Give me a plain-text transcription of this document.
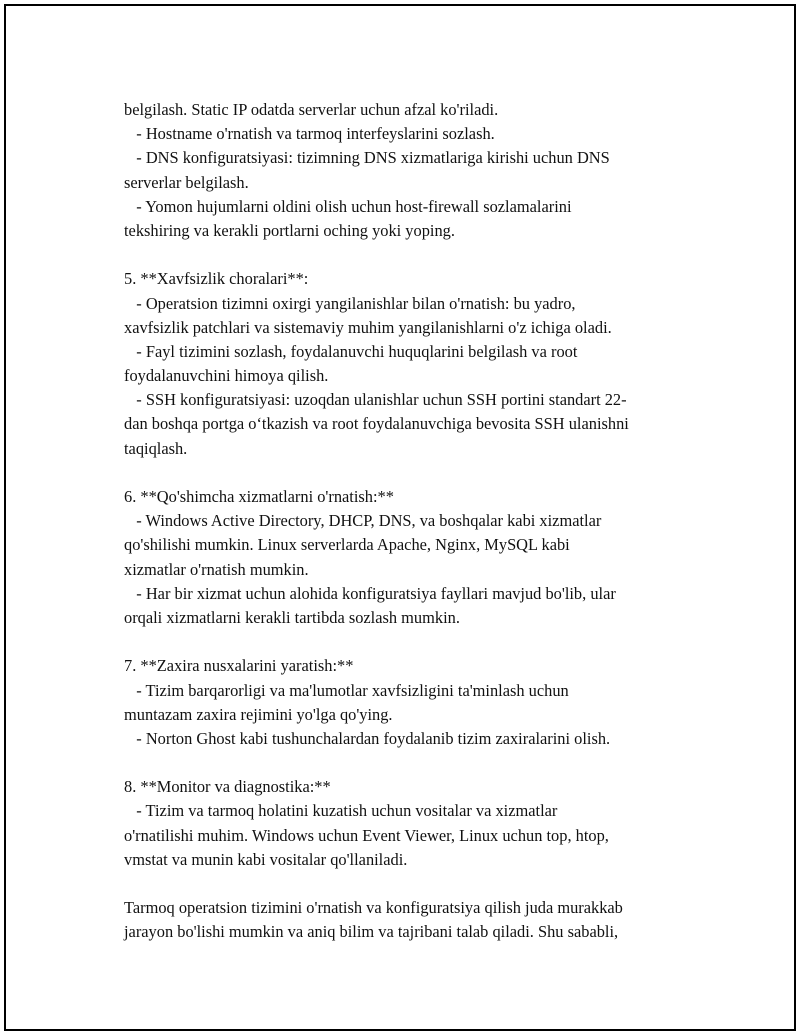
belgilash. Static IP odatda serverlar uchun afzal ko'riladi.
- Hostname o'rnatish va tarmoq interfeyslarini sozlash.
- DNS konfiguratsiyasi: tizimning DNS xizmatlariga kirishi uchun DNS
serverlar belgilash.
- Yomon hujumlarni oldini olish uchun host-firewall sozlamalarini
tekshiring va kerakli portlarni oching yoki yoping.
5. **Xavfsizlik choralari**:
- Operatsion tizimni oxirgi yangilanishlar bilan o'rnatish: bu yadro,
xavfsizlik patchlari va sistemaviy muhim yangilanishlarni o'z ichiga oladi.
- Fayl tizimini sozlash, foydalanuvchi huquqlarini belgilash va root
foydalanuvchini himoya qilish.
- SSH konfiguratsiyasi: uzoqdan ulanishlar uchun SSH portini standart 22-
dan boshqa portga oʻtkazish va root foydalanuvchiga bevosita SSH ulanishni
taqiqlash.
6. **Qo'shimcha xizmatlarni o'rnatish:**
- Windows Active Directory, DHCP, DNS, va boshqalar kabi xizmatlar
qo'shilishi mumkin. Linux serverlarda Apache, Nginx, MySQL kabi
xizmatlar o'rnatish mumkin.
- Har bir xizmat uchun alohida konfiguratsiya fayllari mavjud bo'lib, ular
orqali xizmatlarni kerakli tartibda sozlash mumkin.
7. **Zaxira nusxalarini yaratish:**
- Tizim barqarorligi va ma'lumotlar xavfsizligini ta'minlash uchun
muntazam zaxira rejimini yo'lga qo'ying.
- Norton Ghost kabi tushunchalardan foydalanib tizim zaxiralarini olish.
8. **Monitor va diagnostika:**
- Tizim va tarmoq holatini kuzatish uchun vositalar va xizmatlar
o'rnatilishi muhim. Windows uchun Event Viewer, Linux uchun top, htop,
vmstat va munin kabi vositalar qo'llaniladi.
Tarmoq operatsion tizimini o'rnatish va konfiguratsiya qilish juda murakkab
jarayon bo'lishi mumkin va aniq bilim va tajribani talab qiladi. Shu sababli,
